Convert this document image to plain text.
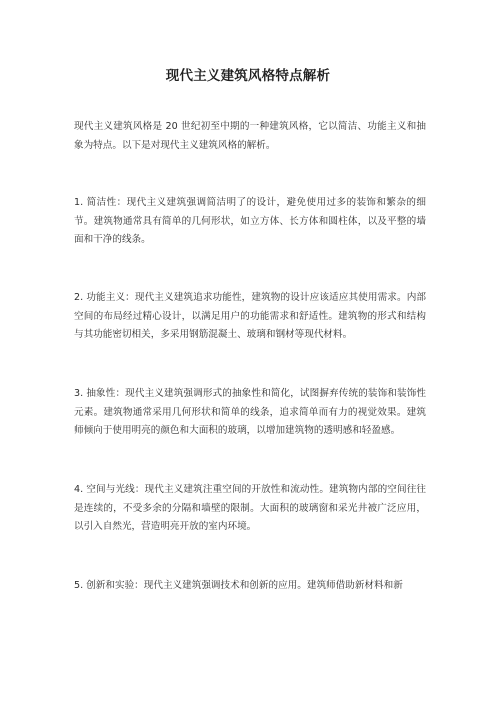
现代主义建筑风格特点解析

现代主义建筑风格是 20 世纪初至中期的一种建筑风格，它以简洁、功能主义和抽象为特点。以下是对现代主义建筑风格的解析。

1. 简洁性：现代主义建筑强调简洁明了的设计，避免使用过多的装饰和繁杂的细节。建筑物通常具有简单的几何形状，如立方体、长方体和圆柱体，以及平整的墙面和干净的线条。

2. 功能主义：现代主义建筑追求功能性，建筑物的设计应该适应其使用需求。内部空间的布局经过精心设计，以满足用户的功能需求和舒适性。建筑物的形式和结构与其功能密切相关，多采用钢筋混凝土、玻璃和钢材等现代材料。

3. 抽象性：现代主义建筑强调形式的抽象性和简化，试图摒弃传统的装饰和装饰性元素。建筑物通常采用几何形状和简单的线条，追求简单而有力的视觉效果。建筑师倾向于使用明亮的颜色和大面积的玻璃，以增加建筑物的透明感和轻盈感。

4. 空间与光线：现代主义建筑注重空间的开放性和流动性。建筑物内部的空间往往是连续的，不受多余的分隔和墙壁的限制。大面积的玻璃窗和采光井被广泛应用，以引入自然光，营造明亮开放的室内环境。

5. 创新和实验：现代主义建筑强调技术和创新的应用。建筑师借助新材料和新
